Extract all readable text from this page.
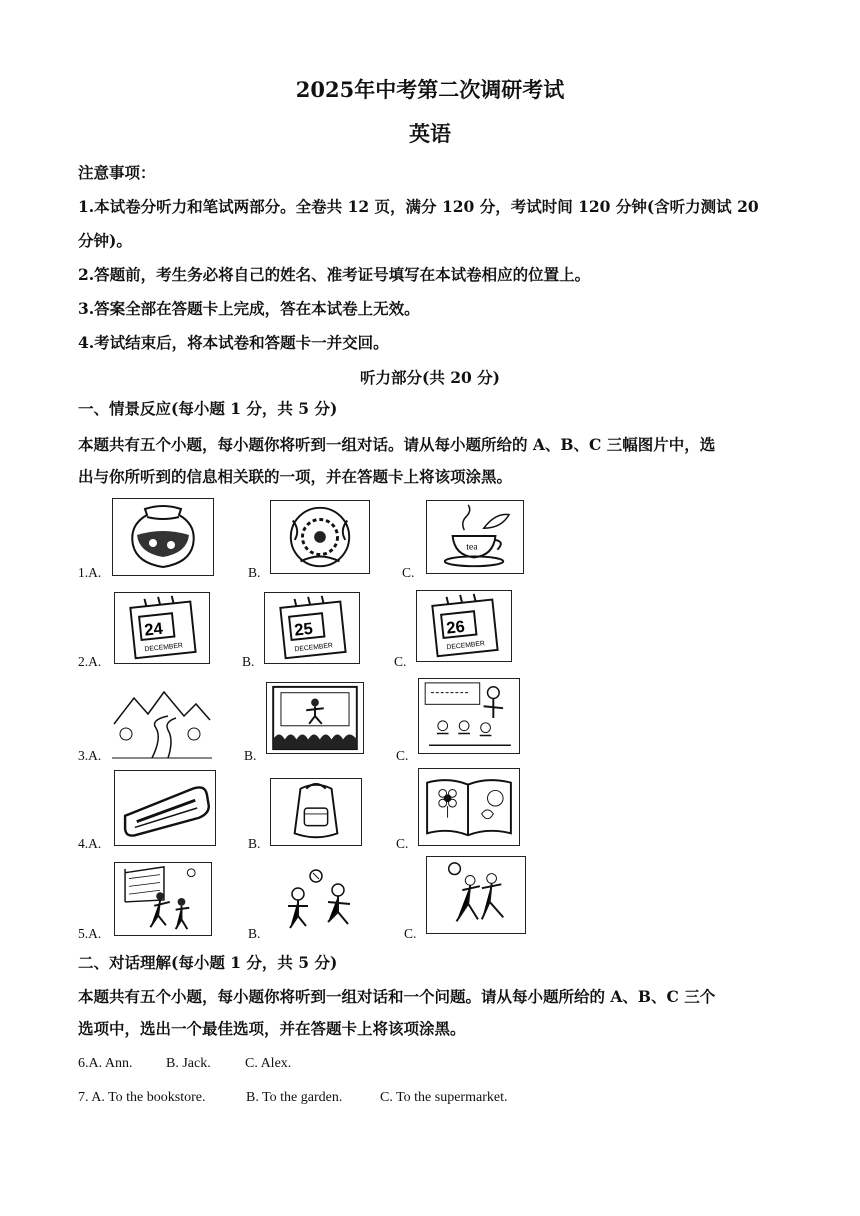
2025年中考第二次调研考试
英语
注意事项：
1.本试卷分听力和笔试两部分。全卷共 12 页，满分 120 分，考试时间 120 分钟(含听力测试 20
分钟)。
2.答题前，考生务必将自己的姓名、准考证号填写在本试卷相应的位置上。
3.答案全部在答题卡上完成，答在本试卷上无效。
4.考试结束后，将本试卷和答题卡一并交回。
听力部分(共 20 分)
一、情景反应(每小题 1 分，共 5 分)
本题共有五个小题，每小题你将听到一组对话。请从每小题所给的 A、B、C 三幅图片中，选
出与你所听到的信息相关联的一项，并在答题卡上将该项涂黑。
1.A.	B.	C.
tea
2.A.
24
DECEMBER
B.
25
DECEMBER
C.
26
DECEMBER
3.A.	B.	C.
4.A.	B.	C.
5.A.	B.	C.
二、对话理解(每小题 1 分，共 5 分)
本题共有五个小题，每小题你将听到一组对话和一个问题。请从每小题所给的 A、B、C 三个
选项中，选出一个最佳选项，并在答题卡上将该项涂黑。
6.A. Ann. B. Jack. C. Alex.
7. A. To the bookstore.	B. To the garden.	C. To the supermarket.
